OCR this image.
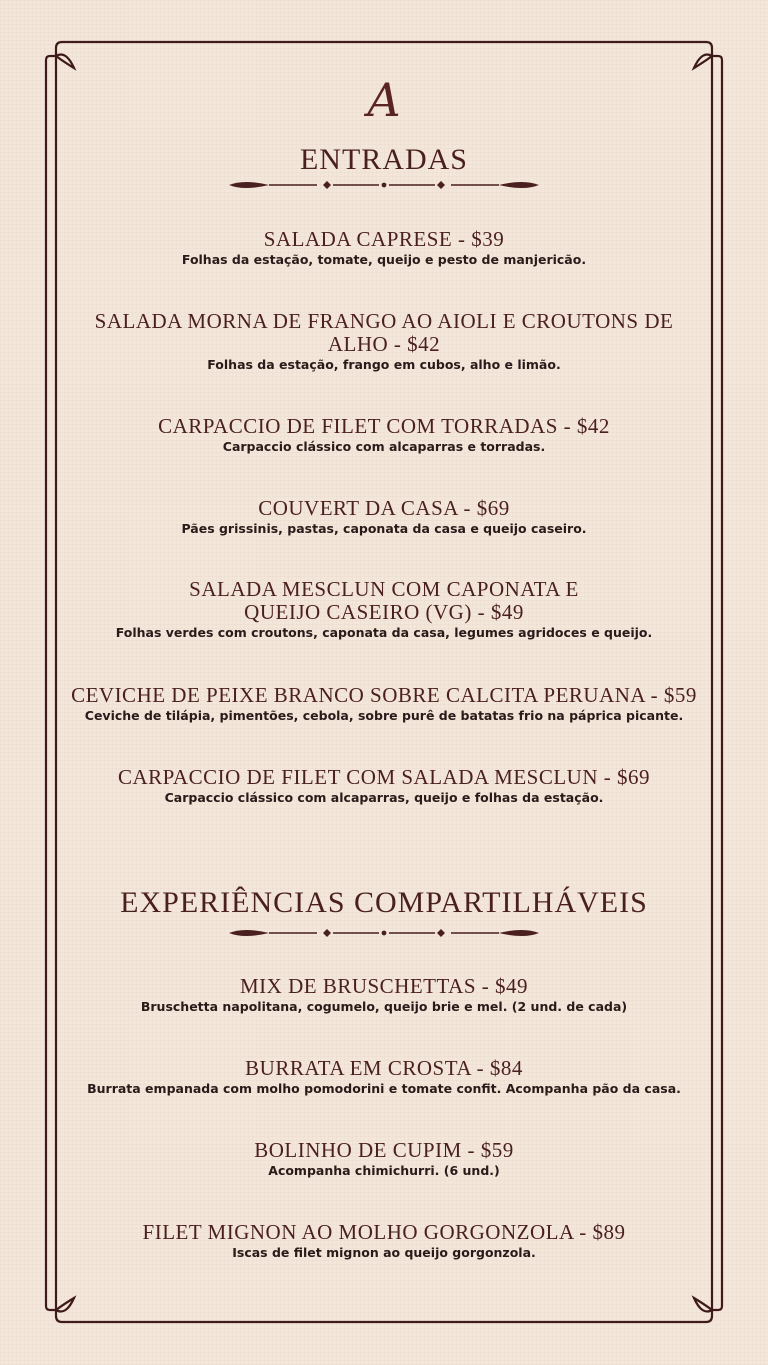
A
ENTRADAS
SALADA CAPRESE - $39
Folhas da estação, tomate, queijo e pesto de manjericão.
SALADA MORNA DE FRANGO AO AIOLI E CROUTONS DE ALHO - $42
Folhas da estação, frango em cubos, alho e limão.
CARPACCIO DE FILET COM TORRADAS - $42
Carpaccio clássico com alcaparras e torradas.
COUVERT DA CASA - $69
Pães grissinis, pastas, caponata da casa e queijo caseiro.
SALADA MESCLUN COM CAPONATA E QUEIJO CASEIRO (VG) - $49
Folhas verdes com croutons, caponata da casa, legumes agridoces e queijo.
CEVICHE DE PEIXE BRANCO SOBRE CALCITA PERUANA - $59
Ceviche de tilápia, pimentões, cebola, sobre purê de batatas frio na páprica picante.
CARPACCIO DE FILET COM SALADA MESCLUN - $69
Carpaccio clássico com alcaparras, queijo e folhas da estação.
EXPERIÊNCIAS COMPARTILHÁVEIS
MIX DE BRUSCHETTAS - $49
Bruschetta napolitana, cogumelo, queijo brie e mel. (2 und. de cada)
BURRATA EM CROSTA - $84
Burrata empanada com molho pomodorini e tomate confit. Acompanha pão da casa.
BOLINHO DE CUPIM - $59
Acompanha chimichurri. (6 und.)
FILET MIGNON AO MOLHO GORGONZOLA - $89
Iscas de filet mignon ao queijo gorgonzola.
